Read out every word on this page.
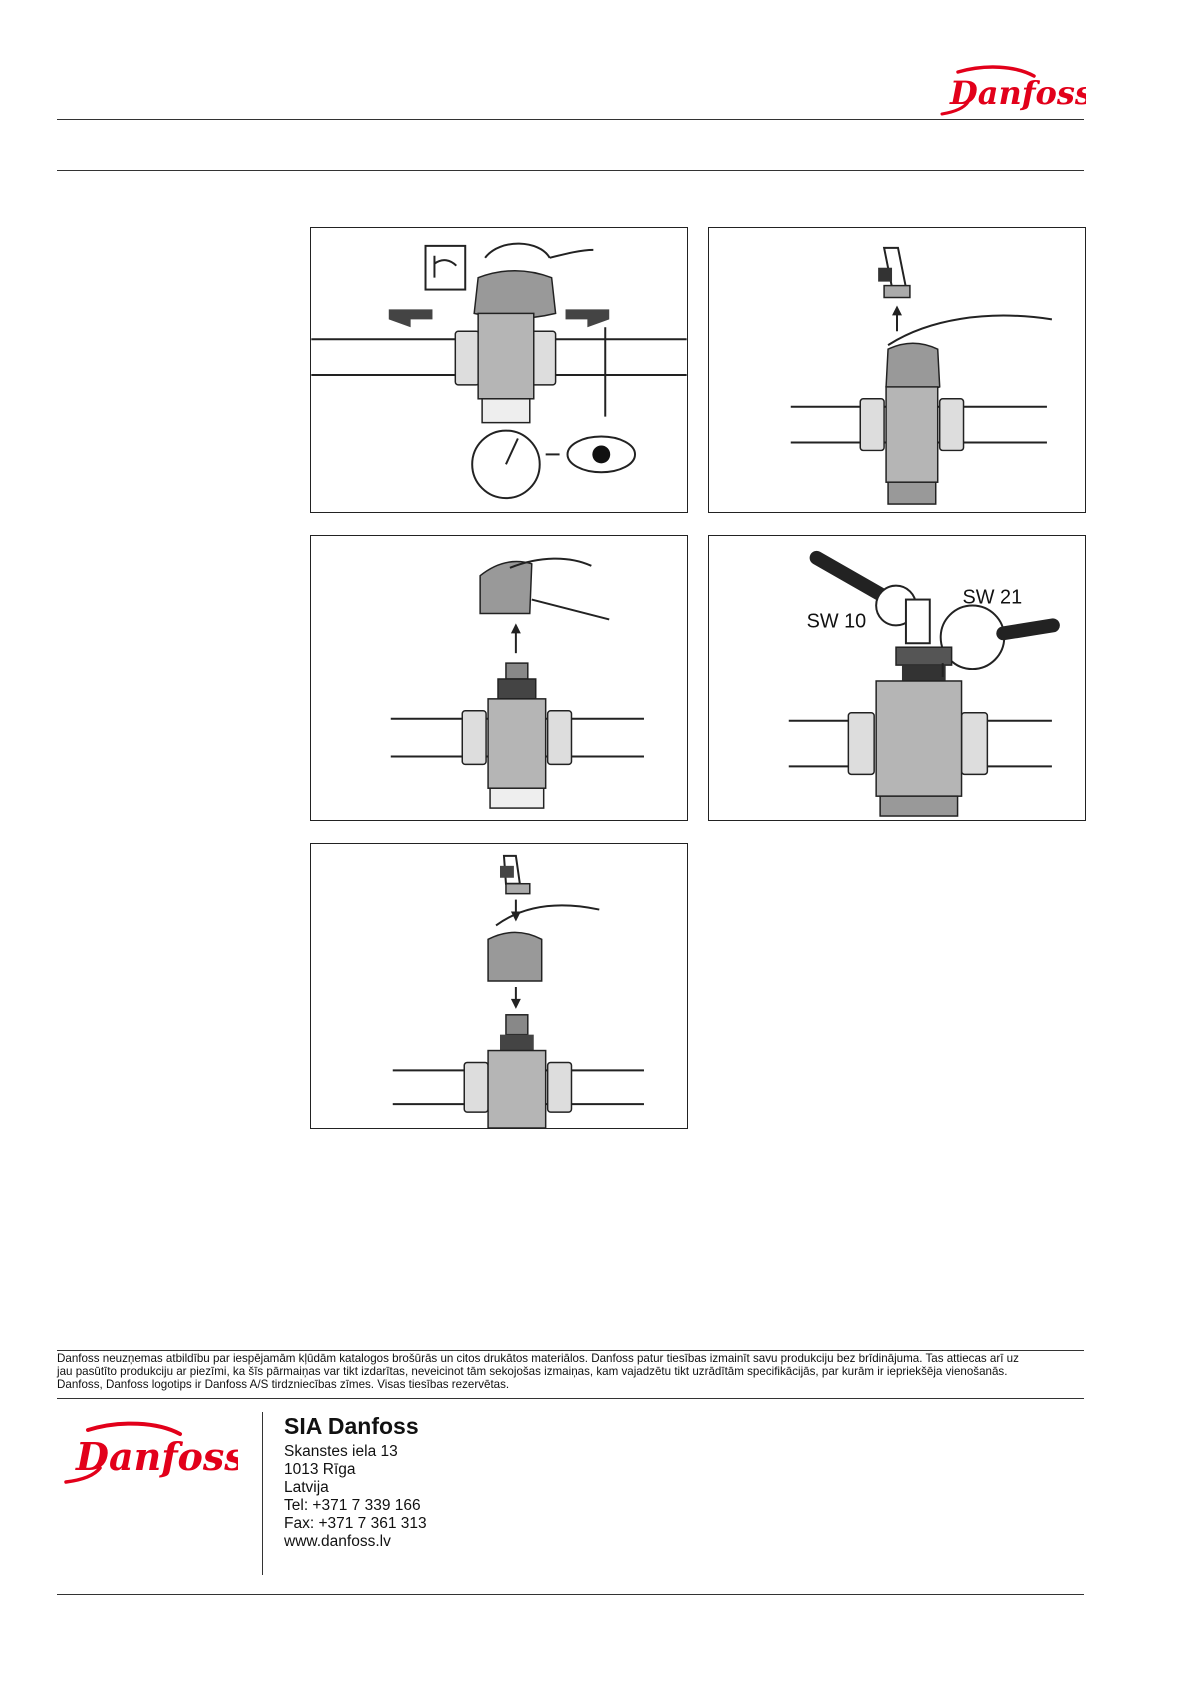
Danfoss
SW 10
SW 21
Danfoss neuzņemas atbildību par iespējamām kļūdām katalogos brošūrās un citos drukātos materiālos. Danfoss patur tiesības izmainīt savu produkciju bez brīdinājuma. Tas attiecas arī uz
jau pasūtīto produkciju ar piezīmi, ka šīs pārmaiņas var tikt izdarītas, neveicinot tām sekojošas izmaiņas, kam vajadzētu tikt uzrādītām specifikācijās, par kurām ir iepriekšēja vienošanās.
Danfoss, Danfoss logotips ir Danfoss A/S tirdzniecības zīmes. Visas tiesības rezervētas.
Danfoss
SIA Danfoss
Skanstes iela 13
1013 Rīga
Latvija
Tel: +371 7 339 166
Fax: +371 7 361 313
www.danfoss.lv
